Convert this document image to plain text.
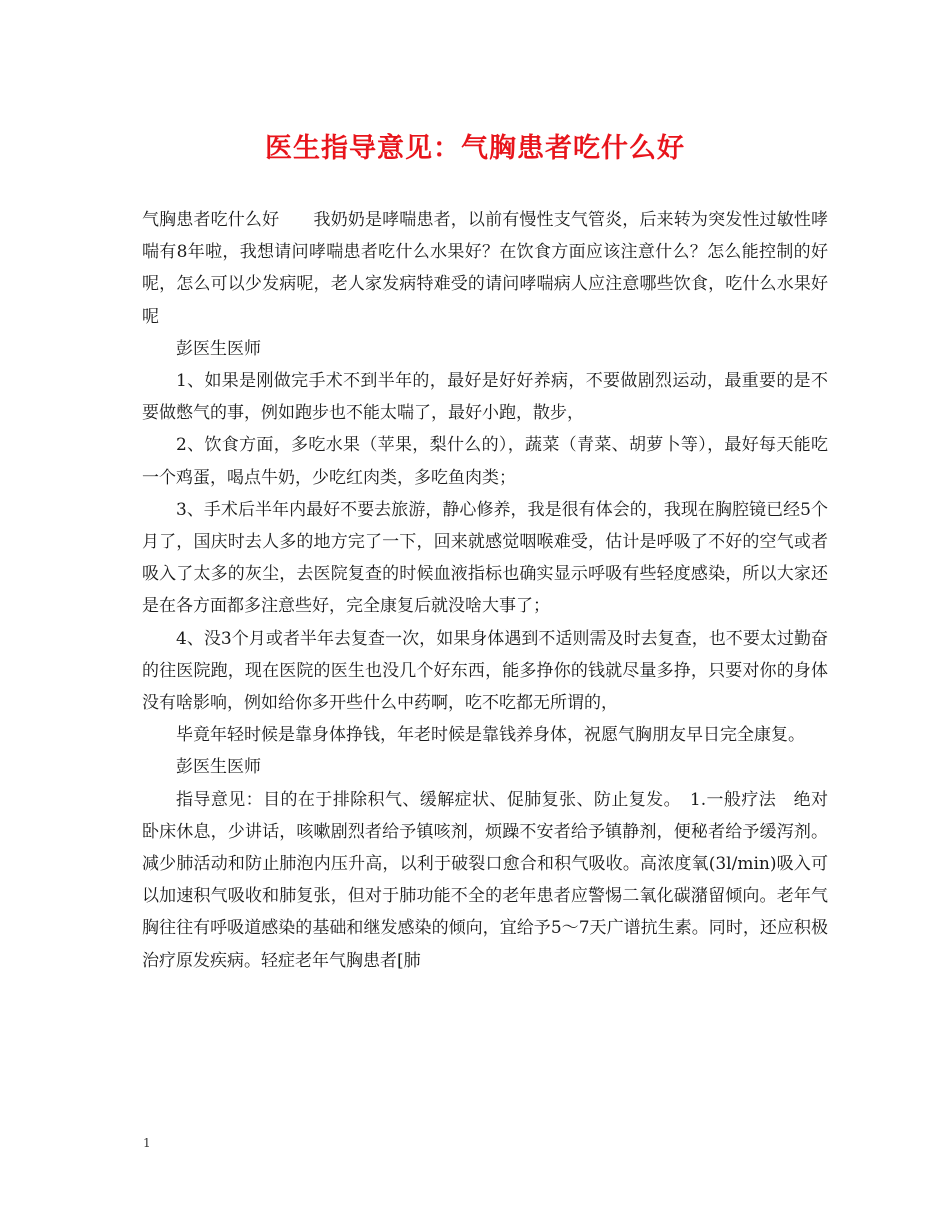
医生指导意见：气胸患者吃什么好

气胸患者吃什么好　　我奶奶是哮喘患者，以前有慢性支气管炎，后来转为突发性过敏性哮喘有8年啦，我想请问哮喘患者吃什么水果好？在饮食方面应该注意什么？怎么能控制的好呢，怎么可以少发病呢，老人家发病特难受的请问哮喘病人应注意哪些饮食，吃什么水果好呢

彭医生医师

1、如果是刚做完手术不到半年的，最好是好好养病，不要做剧烈运动，最重要的是不要做憋气的事，例如跑步也不能太喘了，最好小跑，散步，

2、饮食方面，多吃水果（苹果，梨什么的），蔬菜（青菜、胡萝卜等），最好每天能吃一个鸡蛋，喝点牛奶，少吃红肉类，多吃鱼肉类；

3、手术后半年内最好不要去旅游，静心修养，我是很有体会的，我现在胸腔镜已经5个月了，国庆时去人多的地方完了一下，回来就感觉咽喉难受，估计是呼吸了不好的空气或者吸入了太多的灰尘，去医院复查的时候血液指标也确实显示呼吸有些轻度感染，所以大家还是在各方面都多注意些好，完全康复后就没啥大事了；

4、没3个月或者半年去复查一次，如果身体遇到不适则需及时去复查，也不要太过勤奋的往医院跑，现在医院的医生也没几个好东西，能多挣你的钱就尽量多挣，只要对你的身体没有啥影响，例如给你多开些什么中药啊，吃不吃都无所谓的，

毕竟年轻时候是靠身体挣钱，年老时候是靠钱养身体，祝愿气胸朋友早日完全康复。

彭医生医师

指导意见：目的在于排除积气、缓解症状、促肺复张、防止复发。　1.一般疗法　绝对卧床休息，少讲话，咳嗽剧烈者给予镇咳剂，烦躁不安者给予镇静剂，便秘者给予缓泻剂。减少肺活动和防止肺泡内压升高，以利于破裂口愈合和积气吸收。高浓度氧(3l/min)吸入可以加速积气吸收和肺复张，但对于肺功能不全的老年患者应警惕二氧化碳潴留倾向。老年气胸往往有呼吸道感染的基础和继发感染的倾向，宜给予5～7天广谱抗生素。同时，还应积极治疗原发疾病。轻症老年气胸患者[肺

1
